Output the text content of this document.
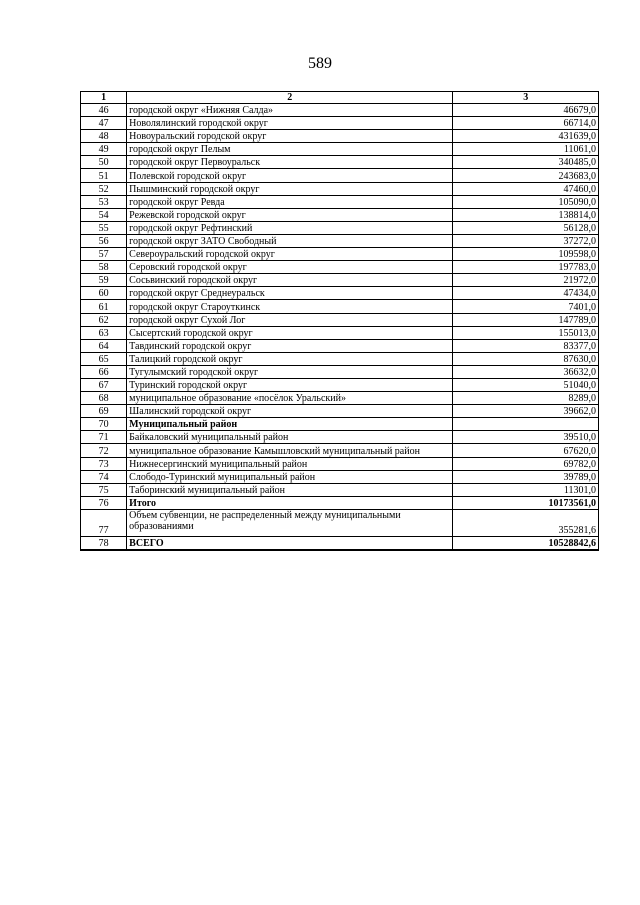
589
1	2	3
46	городской округ «Нижняя Салда»	46679,0
47	Новолялинский городской округ	66714,0
48	Новоуральский городской округ	431639,0
49	городской округ Пелым	11061,0
50	городской округ Первоуральск	340485,0
51	Полевской городской округ	243683,0
52	Пышминский городской округ	47460,0
53	городской округ Ревда	105090,0
54	Режевской городской округ	138814,0
55	городской округ Рефтинский	56128,0
56	городской округ ЗАТО Свободный	37272,0
57	Североуральский городской округ	109598,0
58	Серовский городской округ	197783,0
59	Сосьвинский городской округ	21972,0
60	городской округ Среднеуральск	47434,0
61	городской округ Староуткинск	7401,0
62	городской округ Сухой Лог	147789,0
63	Сысертский городской округ	155013,0
64	Тавдинский городской округ	83377,0
65	Талицкий городской округ	87630,0
66	Тугулымский городской округ	36632,0
67	Туринский городской округ	51040,0
68	муниципальное образование «посёлок Уральский»	8289,0
69	Шалинский городской округ	39662,0
70	Муниципальный район	
71	Байкаловский муниципальный район	39510,0
72	муниципальное образование Камышловский муниципальный район	67620,0
73	Нижнесергинский муниципальный район	69782,0
74	Слободо-Туринский муниципальный район	39789,0
75	Таборинский муниципальный район	11301,0
76	Итого	10173561,0
77	Объем субвенции, не распределенный между муниципальными образованиями	355281,6
78	ВСЕГО	10528842,6
